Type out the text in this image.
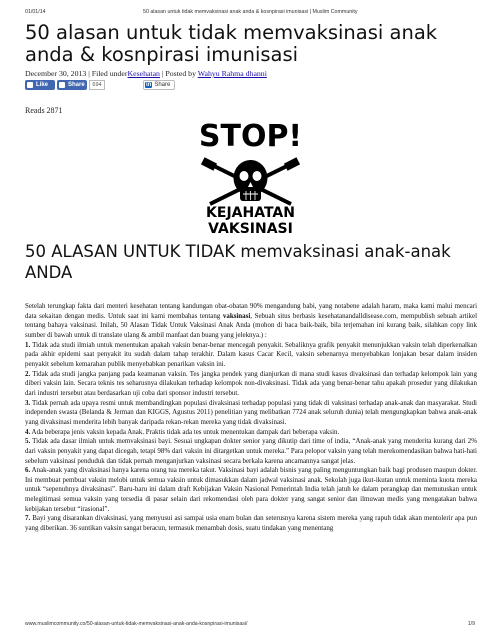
01/01/14	50 alasan untuk tidak memvaksinasi anak anda & kosnpirasi imunisasi | Muslim Community
50 alasan untuk tidak memvaksinasi anak anda & kosnpirasi imunisasi
December 30, 2013 | Filed underKesehatan | Posted by Wahyu Rahma dhanni
Like	Share	694	in Share
Reads 2871
STOP!
KEJAHATAN
VAKSINASI
50 ALASAN UNTUK TIDAK memvaksinasi anak-anak ANDA

Setelah terungkap fakta dari menteri kesehatan tentang kandungan obat-obatan 90% mengandung babi, yang notabene adalah haram, maka kami malui mencari data sekaitan dengan medis. Untuk saat ini kami membahas tentang vaksinasi, Sebuah situs berbasis kesehatanandalldisease.com, mempublish sebuah artikel tentang bahaya vaksinasi. Inilah, 50 Alasan Tidak Untuk Vaksinasi Anak Anda (mohon di baca baik-baik, bila terjemahan ini kurang baik, silahkan copy link sumber di bawah untuk di translate ulang & ambil manfaat dan buang yang jeleknya.) :

1. Tidak ada studi ilmiah untuk menentukan apakah vaksin benar-benar mencegah penyakit. Sebaliknya grafik penyakit menunjukkan vaksin telah diperkenalkan pada akhir epidemi saat penyakit itu sudah dalam tahap terakhir. Dalam kasus Cacar Kecil, vaksin sebenarnya menyebabkan lonjakan besar dalam insiden penyakit sebelum kemarahan publik menyebabkan penarikan vaksin ini.

2. Tidak ada studi jangka panjang pada keamanan vaksin. Tes jangka pendek yang dianjurkan di mana studi kasus divaksinasi dan terhadap kelompok lain yang diberi vaksin lain. Secara teknis tes seharusnya dilakukan terhadap kelompok non-divaksinasi. Tidak ada yang benar-benar tahu apakah prosedur yang dilakukan dari industri tersebut atau berdasarkan uji coba dari sponsor industri tersebut.

3. Tidak pernah ada upaya resmi untuk membandingkan populasi divaksinasi terhadap populasi yang tidak di vaksinasi terhadap anak-anak dan masyarakat. Studi independen swasta (Belanda & Jerman dan KIGGS, Agustus 2011) penelitian yang melibatkan 7724 anak seluruh dunia) telah mengungkapkan bahwa anak-anak yang divaksinasi menderita lebih banyak daripada rekan-rekan mereka yang tidak divaksinasi.

4. Ada beberapa jenis vaksin kepada Anak. Praktis tidak ada tes untuk menentukan dampak dari beberapa vaksin.

5. Tidak ada dasar ilmiah untuk memvaksinasi bayi. Sesuai ungkapan dokter senior yang dikutip dari time of india, “Anak-anak yang menderita kurang dari 2% dari vaksin penyakit yang dapat dicegah, tetapi 98% dari vaksin ini ditargetkan untuk mereka.” Para pelopor vaksin yang telah merekomendasikan bahwa hati-hati sebelum vaksinasi penduduk dan tidak pernah menganjurkan vaksinasi secara berkala karena ancamannya sangat jelas.

6. Anak-anak yang divaksinasi hanya karena orang tua mereka takut. Vaksinasi bayi adalah bisnis yang paling menguntungkan baik bagi produsen maupun dokter. Ini membuat pembuat vaksin melobi untuk semua vaksin untuk dimasukkan dalam jadwal vaksinasi anak. Sekolah juga ikut-ikutan untuk meminta kuota mereka untuk “sepenuhnya divaksinasi”. Baru-baru ini dalam draft Kebijakan Vaksin Nasional Pemerintah India telah jatuh ke dalam perangkap dan memutuskan untuk melegitimasi semua vaksin yang tersedia di pasar selain dari rekomendasi oleh para dokter yang sangat senior dan ilmuwan medis yang mengatakan bahwa kebijakan tersebut “irasional”.

7. Bayi yang disarankan divaksinasi, yang menyusui asi sampai usia enam bulan dan seterusnya karena sistem mereka yang rapuh tidak akan mentolerir apa pun yang diberikan. 36 suntikan vaksin sangat beracun, termasuk menambah dosis, suatu tindakan yang menentang

www.muslimcommunity.co/50-alasan-untuk-tidak-memvaksinasi-anak-anda-kosnpirasi-imunisasi/	1/9
